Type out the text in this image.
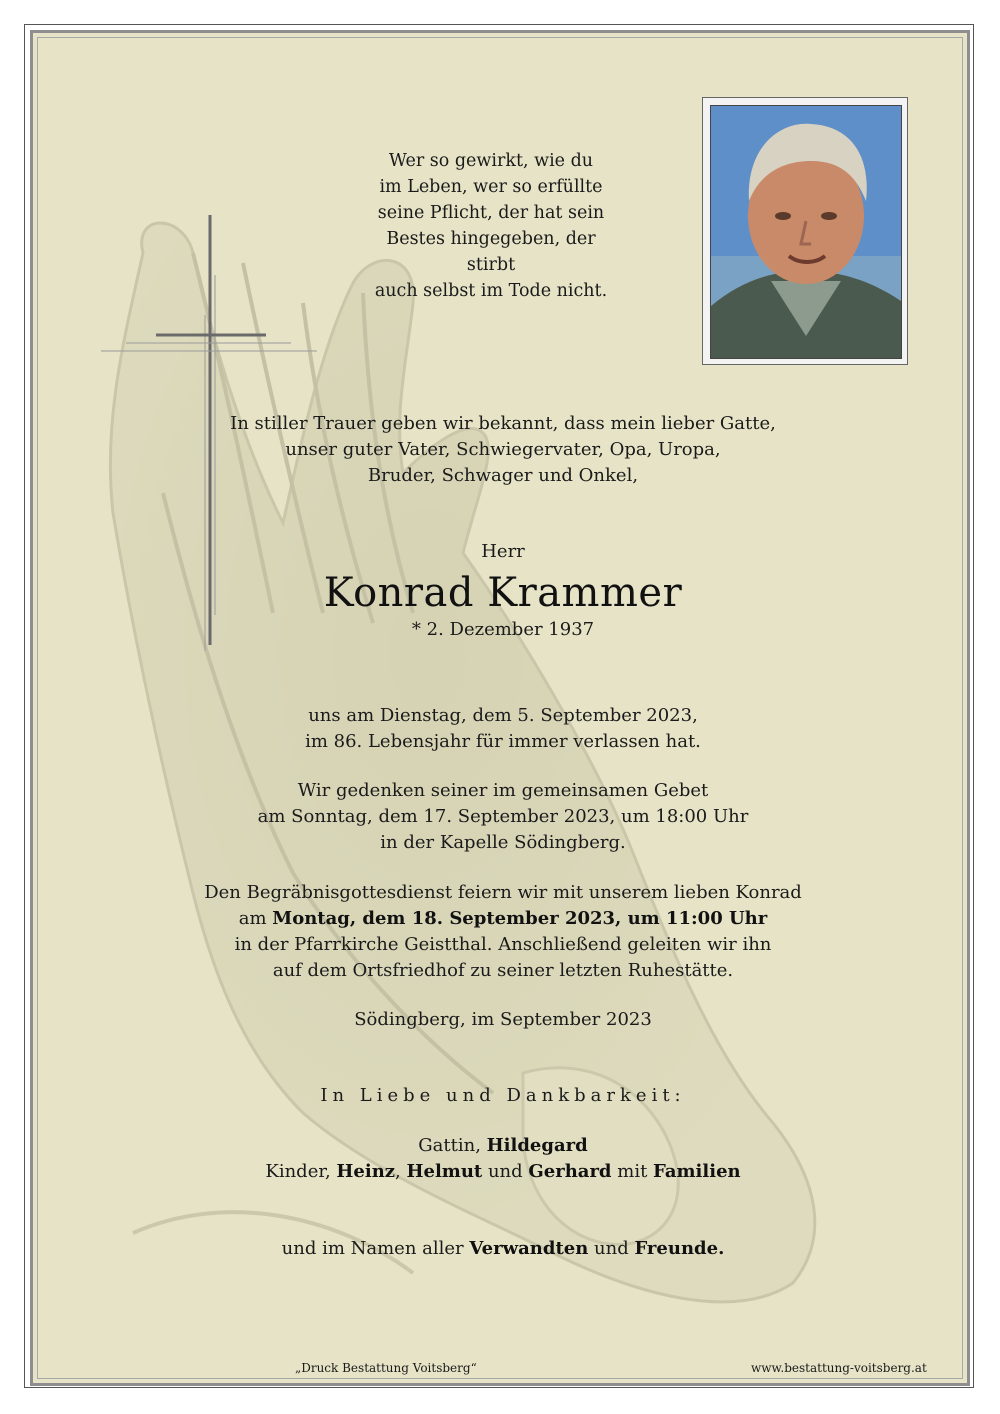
Wer so gewirkt, wie du
im Leben, wer so erfüllte
seine Pflicht, der hat sein
Bestes hingegeben, der stirbt
auch selbst im Tode nicht.
In stiller Trauer geben wir bekannt, dass mein lieber Gatte,
unser guter Vater, Schwiegervater, Opa, Uropa,
Bruder, Schwager und Onkel,
Herr
Konrad Krammer
* 2. Dezember 1937
uns am Dienstag, dem 5. September 2023,
im 86. Lebensjahr für immer verlassen hat.
Wir gedenken seiner im gemeinsamen Gebet
am Sonntag, dem 17. September 2023, um 18:00 Uhr
in der Kapelle Södingberg.
Den Begräbnisgottesdienst feiern wir mit unserem lieben Konrad
am Montag, dem 18. September 2023, um 11:00 Uhr
in der Pfarrkirche Geistthal. Anschließend geleiten wir ihn
auf dem Ortsfriedhof zu seiner letzten Ruhestätte.
Södingberg, im September 2023
In Liebe und Dankbarkeit:
Gattin, Hildegard
Kinder, Heinz, Helmut und Gerhard mit Familien
und im Namen aller Verwandten und Freunde.
„Druck Bestattung Voitsberg“	www.bestattung-voitsberg.at
